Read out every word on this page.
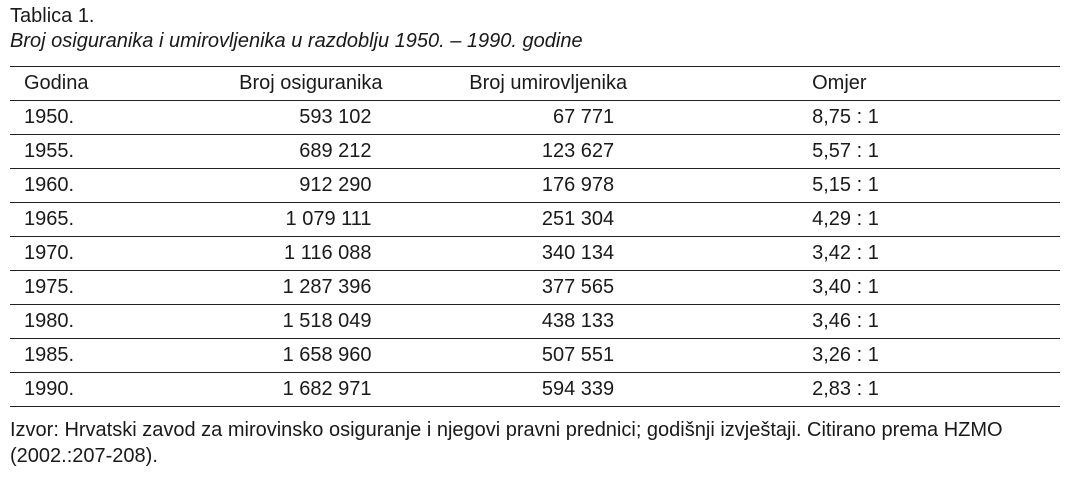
Tablica 1.
Broj osiguranika i umirovljenika u razdoblju 1950. – 1990. godine
Godina	Broj osiguranika	Broj umirovljenika	Omjer
1950.	593 102	67 771	8,75 : 1
1955.	689 212	123 627	5,57 : 1
1960.	912 290	176 978	5,15 : 1
1965.	1 079 111	251 304	4,29 : 1
1970.	1 116 088	340 134	3,42 : 1
1975.	1 287 396	377 565	3,40 : 1
1980.	1 518 049	438 133	3,46 : 1
1985.	1 658 960	507 551	3,26 : 1
1990.	1 682 971	594 339	2,83 : 1
Izvor: Hrvatski zavod za mirovinsko osiguranje i njegovi pravni prednici; godišnji izvještaji. Citirano prema HZMO (2002.:207-208).
